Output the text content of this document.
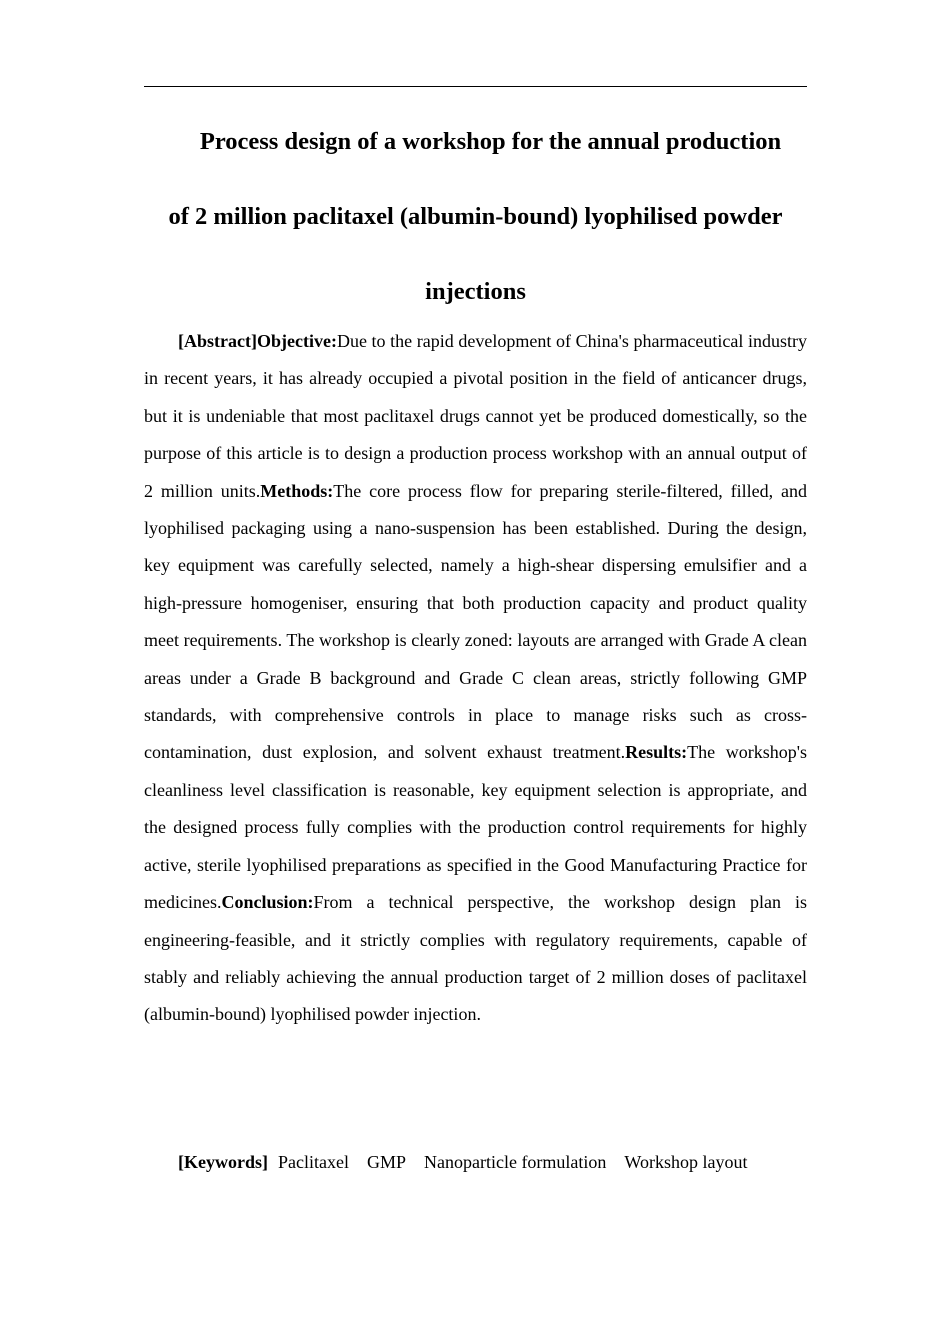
Process design of a workshop for the annual production
of 2 million paclitaxel (albumin-bound) lyophilised powder
injections

[Abstract]Objective:Due to the rapid development of China's pharmaceutical industry in recent years, it has already occupied a pivotal position in the field of anticancer drugs, but it is undeniable that most paclitaxel drugs cannot yet be produced domestically, so the purpose of this article is to design a production process workshop with an annual output of 2 million units.Methods:The core process flow for preparing sterile-filtered, filled, and lyophilised packaging using a nano-suspension has been established. During the design, key equipment was carefully selected, namely a high-shear dispersing emulsifier and a high-pressure homogeniser, ensuring that both production capacity and product quality meet requirements. The workshop is clearly zoned: layouts are arranged with Grade A clean areas under a Grade B background and Grade C clean areas, strictly following GMP standards, with comprehensive controls in place to manage risks such as cross-contamination, dust explosion, and solvent exhaust treatment.Results:The workshop's cleanliness level classification is reasonable, key equipment selection is appropriate, and the designed process fully complies with the production control requirements for highly active, sterile lyophilised preparations as specified in the Good Manufacturing Practice for medicines.Conclusion:From a technical perspective, the workshop design plan is engineering-feasible, and it strictly complies with regulatory requirements, capable of stably and reliably achieving the annual production target of 2 million doses of paclitaxel (albumin-bound) lyophilised powder injection.

[Keywords] Paclitaxel GMP Nanoparticle formulation Workshop layout
